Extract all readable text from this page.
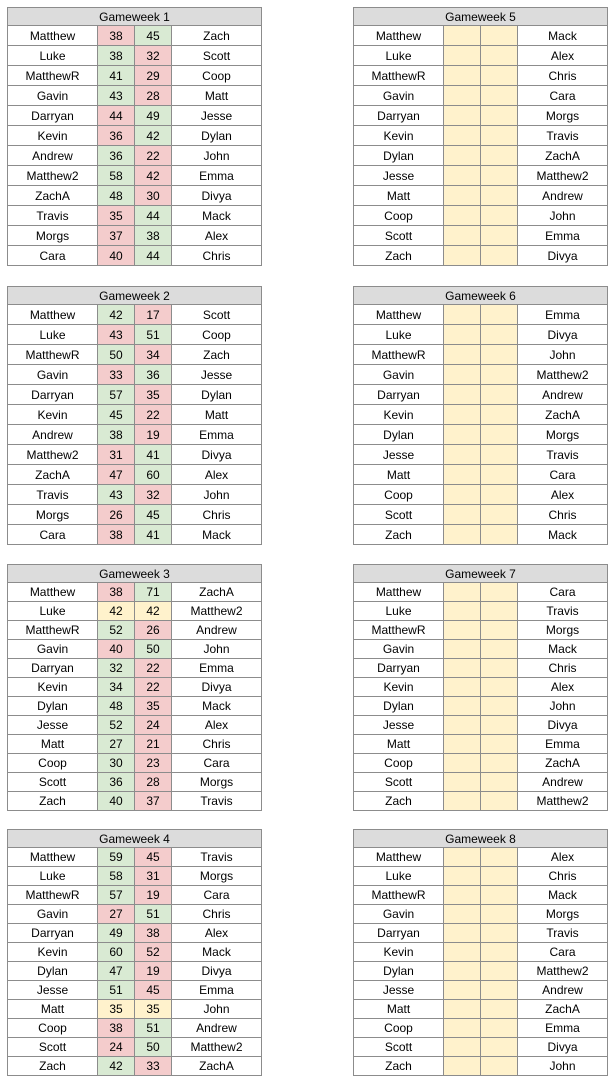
Gameweek 1			
Matthew	38	45	Zach
Luke	38	32	Scott
MatthewR	41	29	Coop
Gavin	43	28	Matt
Darryan	44	49	Jesse
Kevin	36	42	Dylan
Andrew	36	22	John
Matthew2	58	42	Emma
ZachA	48	30	Divya
Travis	35	44	Mack
Morgs	37	38	Alex
Cara	40	44	Chris
Gameweek 2			
Matthew	42	17	Scott
Luke	43	51	Coop
MatthewR	50	34	Zach
Gavin	33	36	Jesse
Darryan	57	35	Dylan
Kevin	45	22	Matt
Andrew	38	19	Emma
Matthew2	31	41	Divya
ZachA	47	60	Alex
Travis	43	32	John
Morgs	26	45	Chris
Cara	38	41	Mack
Gameweek 3			
Matthew	38	71	ZachA
Luke	42	42	Matthew2
MatthewR	52	26	Andrew
Gavin	40	50	John
Darryan	32	22	Emma
Kevin	34	22	Divya
Dylan	48	35	Mack
Jesse	52	24	Alex
Matt	27	21	Chris
Coop	30	23	Cara
Scott	36	28	Morgs
Zach	40	37	Travis
Gameweek 4			
Matthew	59	45	Travis
Luke	58	31	Morgs
MatthewR	57	19	Cara
Gavin	27	51	Chris
Darryan	49	38	Alex
Kevin	60	52	Mack
Dylan	47	19	Divya
Jesse	51	45	Emma
Matt	35	35	John
Coop	38	51	Andrew
Scott	24	50	Matthew2
Zach	42	33	ZachA
Gameweek 5			
Matthew			Mack
Luke			Alex
MatthewR			Chris
Gavin			Cara
Darryan			Morgs
Kevin			Travis
Dylan			ZachA
Jesse			Matthew2
Matt			Andrew
Coop			John
Scott			Emma
Zach			Divya
Gameweek 6			
Matthew			Emma
Luke			Divya
MatthewR			John
Gavin			Matthew2
Darryan			Andrew
Kevin			ZachA
Dylan			Morgs
Jesse			Travis
Matt			Cara
Coop			Alex
Scott			Chris
Zach			Mack
Gameweek 7			
Matthew			Cara
Luke			Travis
MatthewR			Morgs
Gavin			Mack
Darryan			Chris
Kevin			Alex
Dylan			John
Jesse			Divya
Matt			Emma
Coop			ZachA
Scott			Andrew
Zach			Matthew2
Gameweek 8			
Matthew			Alex
Luke			Chris
MatthewR			Mack
Gavin			Morgs
Darryan			Travis
Kevin			Cara
Dylan			Matthew2
Jesse			Andrew
Matt			ZachA
Coop			Emma
Scott			Divya
Zach			John
